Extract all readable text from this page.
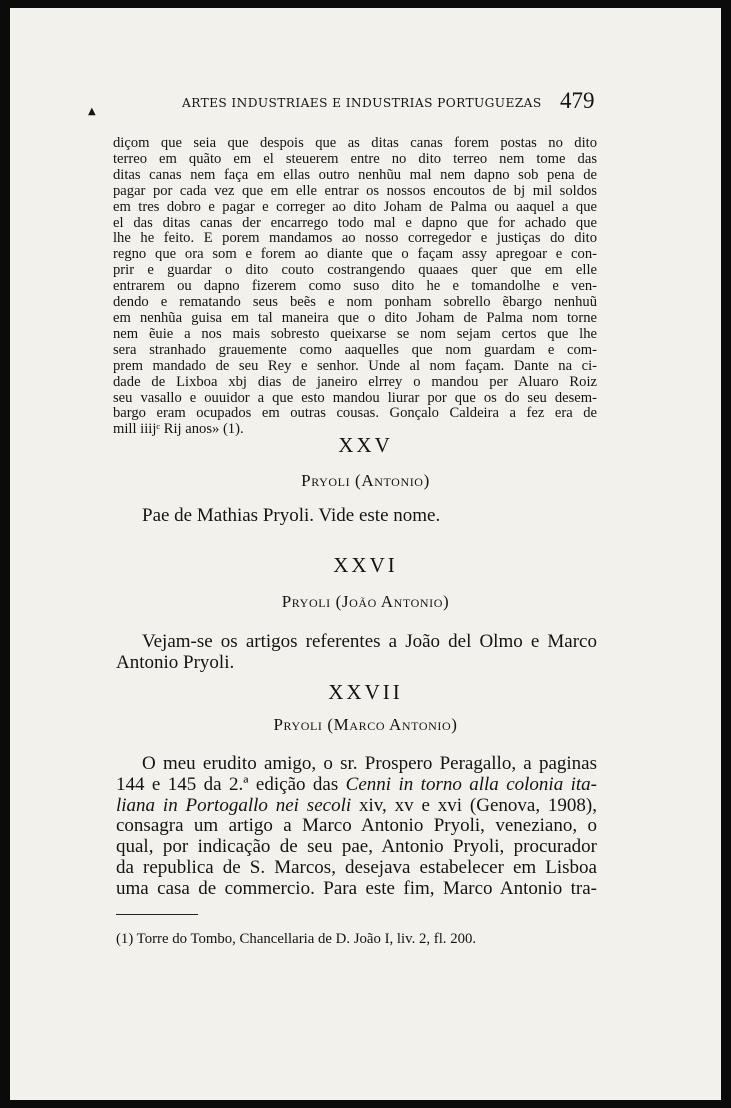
ARTES INDUSTRIAES E INDUSTRIAS PORTUGUEZAS 479
▲
diçom que seia que despois que as ditas canas forem postas no dito
terreo em quãto em el steuerem entre no dito terreo nem tome das
ditas canas nem faça em ellas outro nenhũu mal nem dapno sob pena de
pagar por cada vez que em elle entrar os nossos encoutos de bj mil soldos
em tres dobro e pagar e correger ao dito Joham de Palma ou aaquel a que
el das ditas canas der encarrego todo mal e dapno que for achado que
lhe he feito. E porem mandamos ao nosso corregedor e justiças do dito
regno que ora som e forem ao diante que o façam assy apregoar e con-
prir e guardar o dito couto costrangendo quaaes quer que em elle
entrarem ou dapno fizerem como suso dito he e tomandolhe e ven-
dendo e rematando seus beẽs e nom ponham sobrello ẽbargo nenhuũ
em nenhũa guisa em tal maneira que o dito Joham de Palma nom torne
nem ẽuie a nos mais sobresto queixarse se nom sejam certos que lhe
sera stranhado grauemente como aaquelles que nom guardam e com-
prem mandado de seu Rey e senhor. Unde al nom façam. Dante na ci-
dade de Lixboa xbj dias de janeiro elrrey o mandou per Aluaro Roiz
seu vasallo e ouuidor a que esto mandou liurar por que os do seu desem-
bargo eram ocupados em outras cousas. Gonçalo Caldeira a fez era de
mill iiijᶜ Rij anos» (1).
XXV
Pryoli (Antonio)
Pae de Mathias Pryoli. Vide este nome.
XXVI
Pryoli (João Antonio)
Vejam-se os artigos referentes a João del Olmo e Marco
Antonio Pryoli.
XXVII
Pryoli (Marco Antonio)
O meu erudito amigo, o sr. Prospero Peragallo, a paginas
144 e 145 da 2.ª edição das Cenni in torno alla colonia ita-
liana in Portogallo nei secoli xiv, xv e xvi (Genova, 1908),
consagra um artigo a Marco Antonio Pryoli, veneziano, o
qual, por indicação de seu pae, Antonio Pryoli, procurador
da republica de S. Marcos, desejava estabelecer em Lisboa
uma casa de commercio. Para este fim, Marco Antonio tra-
(1) Torre do Tombo, Chancellaria de D. João I, liv. 2, fl. 200.
